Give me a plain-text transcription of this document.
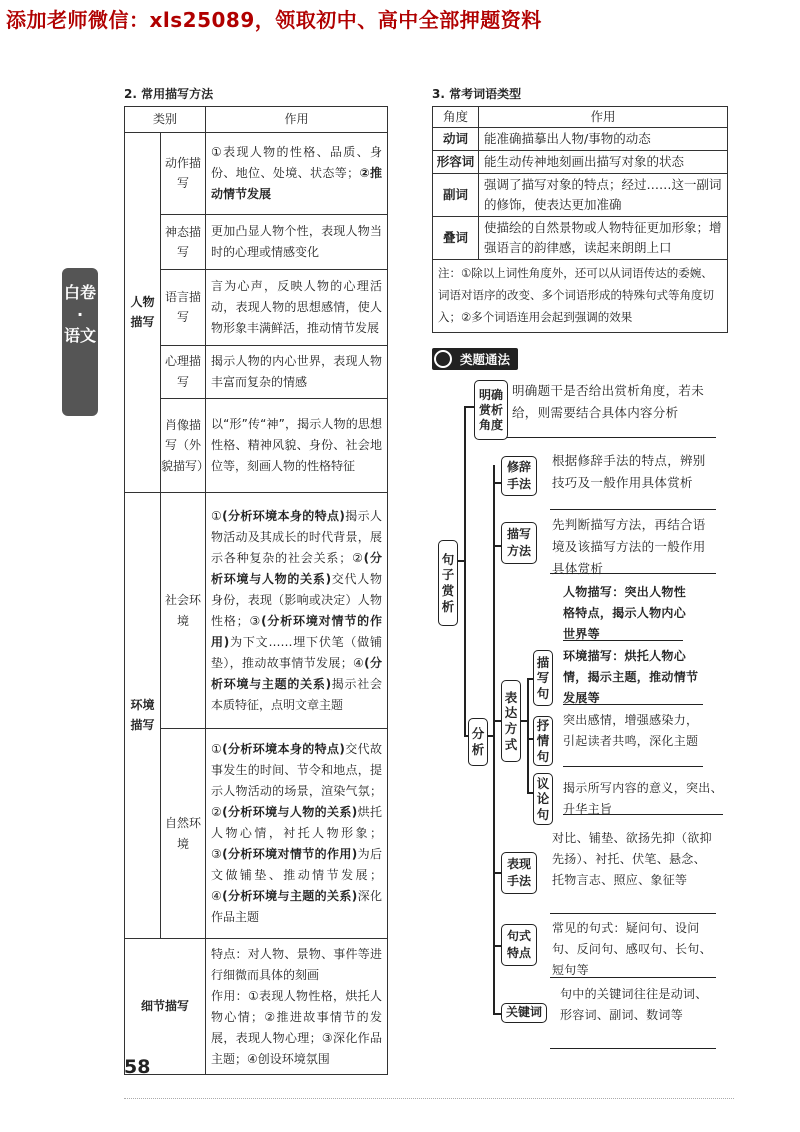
添加老师微信：xls25089，领取初中、高中全部押题资料
白卷
·
语文
2. 常用描写方法
类别		作用
人物描写	动作描写	①表现人物的性格、品质、身份、地位、处境、状态等；②推动情节发展
	神态描写	更加凸显人物个性，表现人物当时的心理或情感变化
	语言描写	言为心声，反映人物的心理活动，表现人物的思想感情，使人物形象丰满鲜活，推动情节发展
	心理描写	揭示人物的内心世界，表现人物丰富而复杂的情感
	肖像描写（外貌描写）	以“形”传“神”，揭示人物的思想性格、精神风貌、身份、社会地位等，刻画人物的性格特征
环境描写	社会环境	①(分析环境本身的特点)揭示人物活动及其成长的时代背景，展示各种复杂的社会关系；②(分析环境与人物的关系)交代人物身份，表现（影响或决定）人物性格；③(分析环境对情节的作用)为下文……埋下伏笔（做铺垫），推动故事情节发展；④(分析环境与主题的关系)揭示社会本质特征，点明文章主题
	自然环境	①(分析环境本身的特点)交代故事发生的时间、节令和地点，提示人物活动的场景，渲染气氛；②(分析环境与人物的关系)烘托人物心情，衬托人物形象；③(分析环境对情节的作用)为后文做铺垫、推动情节发展；④(分析环境与主题的关系)深化作品主题
细节描写		特点：对人物、景物、事件等进行细微而具体的刻画
作用：①表现人物性格，烘托人物心情；②推进故事情节的发展，表现人物心理；③深化作品主题；④创设环境氛围
3. 常考词语类型
角度	作用
动词	能准确描摹出人物/事物的动态
形容词	能生动传神地刻画出描写对象的状态
副词	强调了描写对象的特点；经过……这一副词的修饰，使表达更加准确
叠词	使描绘的自然景物或人物特征更加形象；增强语言的韵律感，读起来朗朗上口
注：①除以上词性角度外，还可以从词语传达的委婉、词语对语序的改变、多个词语形成的特殊句式等角度切入；②多个词语连用会起到强调的效果	
类题通法
句子赏析
明确赏析角度
分析
修辞手法
描写方法
表达方式
描写句
抒情句
议论句
表现手法
句式特点
关键词
明确题干是否给出赏析角度，若未给，则需要结合具体内容分析
根据修辞手法的特点，辨别技巧及一般作用具体赏析
先判断描写方法，再结合语境及该描写方法的一般作用具体赏析
人物描写：突出人物性格特点，揭示人物内心世界等
环境描写：烘托人物心情，揭示主题，推动情节发展等
突出感情，增强感染力，引起读者共鸣，深化主题
揭示所写内容的意义，突出、升华主旨
对比、铺垫、欲扬先抑（欲抑先扬）、衬托、伏笔、悬念、托物言志、照应、象征等
常见的句式：疑问句、设问句、反问句、感叹句、长句、短句等
句中的关键词往往是动词、形容词、副词、数词等
58
